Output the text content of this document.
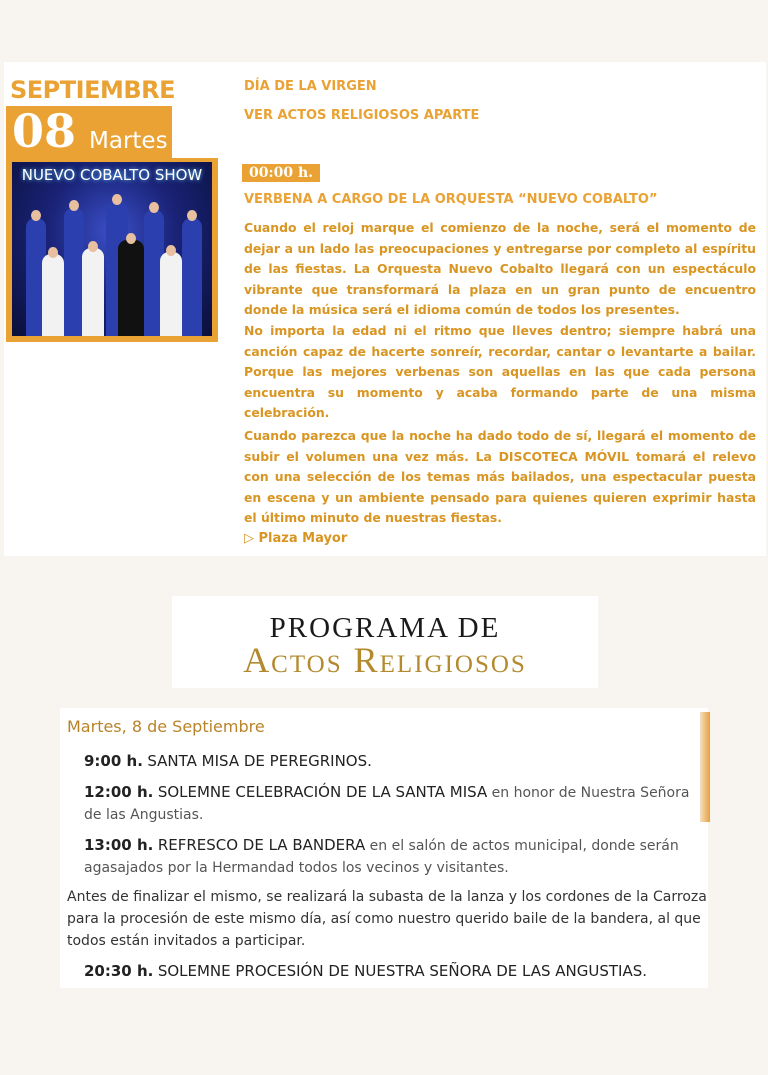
SEPTIEMBRE
08 Martes
NUEVO COBALTO SHOW
DÍA DE LA VIRGEN
VER ACTOS RELIGIOSOS APARTE
00:00 h.
VERBENA A CARGO DE LA ORQUESTA “NUEVO COBALTO”

Cuando el reloj marque el comienzo de la noche, será el momento de dejar a un lado las preocupaciones y entregarse por completo al espíritu de las fiestas. La Orquesta Nuevo Cobalto llegará con un espectáculo vibrante que transformará la plaza en un gran punto de encuentro donde la música será el idioma común de todos los presentes.

No importa la edad ni el ritmo que lleves dentro; siempre habrá una canción capaz de hacerte sonreír, recordar, cantar o levantarte a bailar. Porque las mejores verbenas son aquellas en las que cada persona encuentra su momento y acaba formando parte de una misma celebración.

Cuando parezca que la noche ha dado todo de sí, llegará el momento de subir el volumen una vez más. La DISCOTECA MÓVIL tomará el relevo con una selección de los temas más bailados, una espectacular puesta en escena y un ambiente pensado para quienes quieren exprimir hasta el último minuto de nuestras fiestas.

▷ Plaza Mayor
PROGRAMA DE
Actos Religiosos
Martes, 8 de Septiembre

9:00 h. SANTA MISA DE PEREGRINOS.

12:00 h. SOLEMNE CELEBRACIÓN DE LA SANTA MISA en honor de Nuestra Señora de las Angustias.

13:00 h. REFRESCO DE LA BANDERA en el salón de actos municipal, donde serán agasajados por la Hermandad todos los vecinos y visitantes.

Antes de finalizar el mismo, se realizará la subasta de la lanza y los cordones de la Carroza para la procesión de este mismo día, así como nuestro querido baile de la bandera, al que todos están invitados a participar.

20:30 h. SOLEMNE PROCESIÓN DE NUESTRA SEÑORA DE LAS ANGUSTIAS.
